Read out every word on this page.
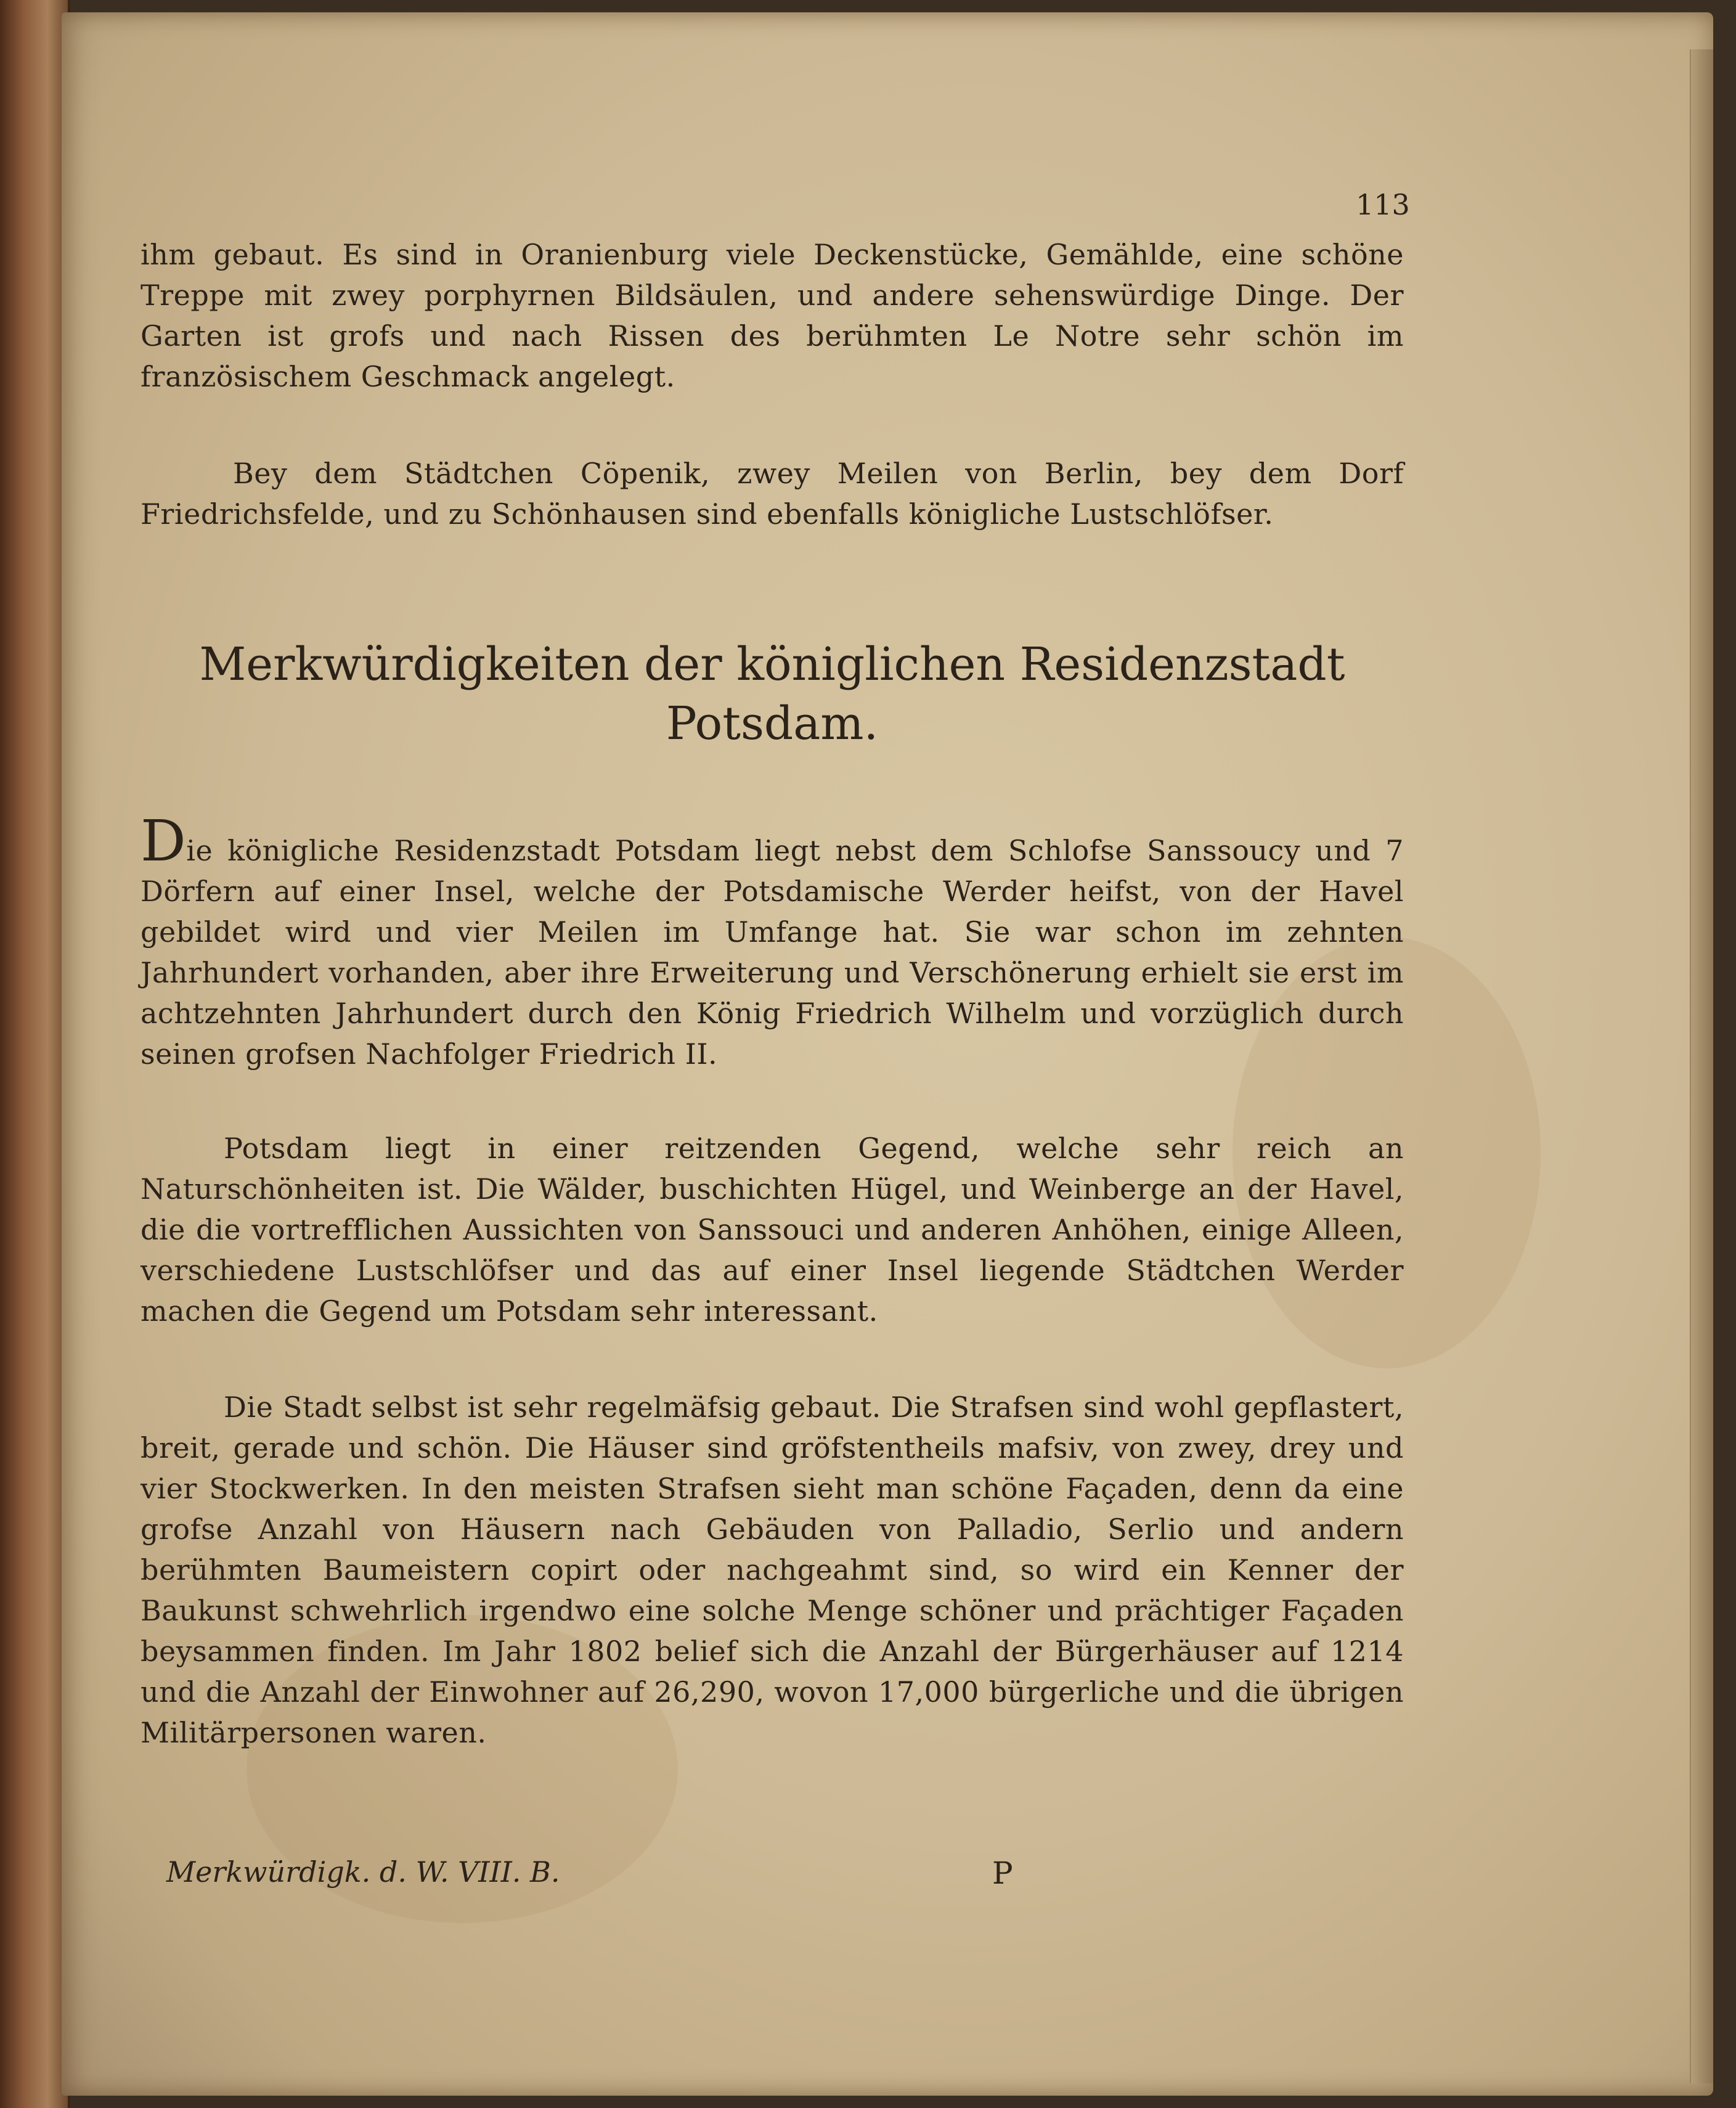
113
ihm gebaut. Es sind in Oranienburg viele Deckenstücke, Gemählde, eine schöne Treppe mit zwey porphyrnen Bildsäulen, und andere sehenswürdige Dinge. Der Garten ist grofs und nach Rissen des berühmten Le Notre sehr schön im französischem Geschmack angelegt.
Bey dem Städtchen Cöpenik, zwey Meilen von Berlin, bey dem Dorf Friedrichsfelde, und zu Schönhausen sind ebenfalls königliche Lustschlöfser.
Merkwürdigkeiten der königlichen Residenzstadt
Potsdam.
Die königliche Residenzstadt Potsdam liegt nebst dem Schlofse Sanssoucy und 7 Dörfern auf einer Insel, welche der Potsdamische Werder heifst, von der Havel gebildet wird und vier Meilen im Umfange hat. Sie war schon im zehnten Jahrhundert vorhanden, aber ihre Erweiterung und Verschönerung erhielt sie erst im achtzehnten Jahrhundert durch den König Friedrich Wilhelm und vorzüglich durch seinen grofsen Nachfolger Friedrich II.
Potsdam liegt in einer reitzenden Gegend, welche sehr reich an Naturschönheiten ist. Die Wälder, buschichten Hügel, und Weinberge an der Havel, die die vortrefflichen Aussichten von Sanssouci und anderen Anhöhen, einige Alleen, verschiedene Lustschlöfser und das auf einer Insel liegende Städtchen Werder machen die Gegend um Potsdam sehr interessant.
Die Stadt selbst ist sehr regelmäfsig gebaut. Die Strafsen sind wohl gepflastert, breit, gerade und schön. Die Häuser sind gröfstentheils mafsiv, von zwey, drey und vier Stockwerken. In den meisten Strafsen sieht man schöne Façaden, denn da eine grofse Anzahl von Häusern nach Gebäuden von Palladio, Serlio und andern berühmten Baumeistern copirt oder nachgeahmt sind, so wird ein Kenner der Baukunst schwehrlich irgendwo eine solche Menge schöner und prächtiger Façaden beysammen finden. Im Jahr 1802 belief sich die Anzahl der Bürgerhäuser auf 1214 und die Anzahl der Einwohner auf 26,290, wovon 17,000 bürgerliche und die übrigen Militärpersonen waren.
Merkwürdigk. d. W. VIII. B.	P
